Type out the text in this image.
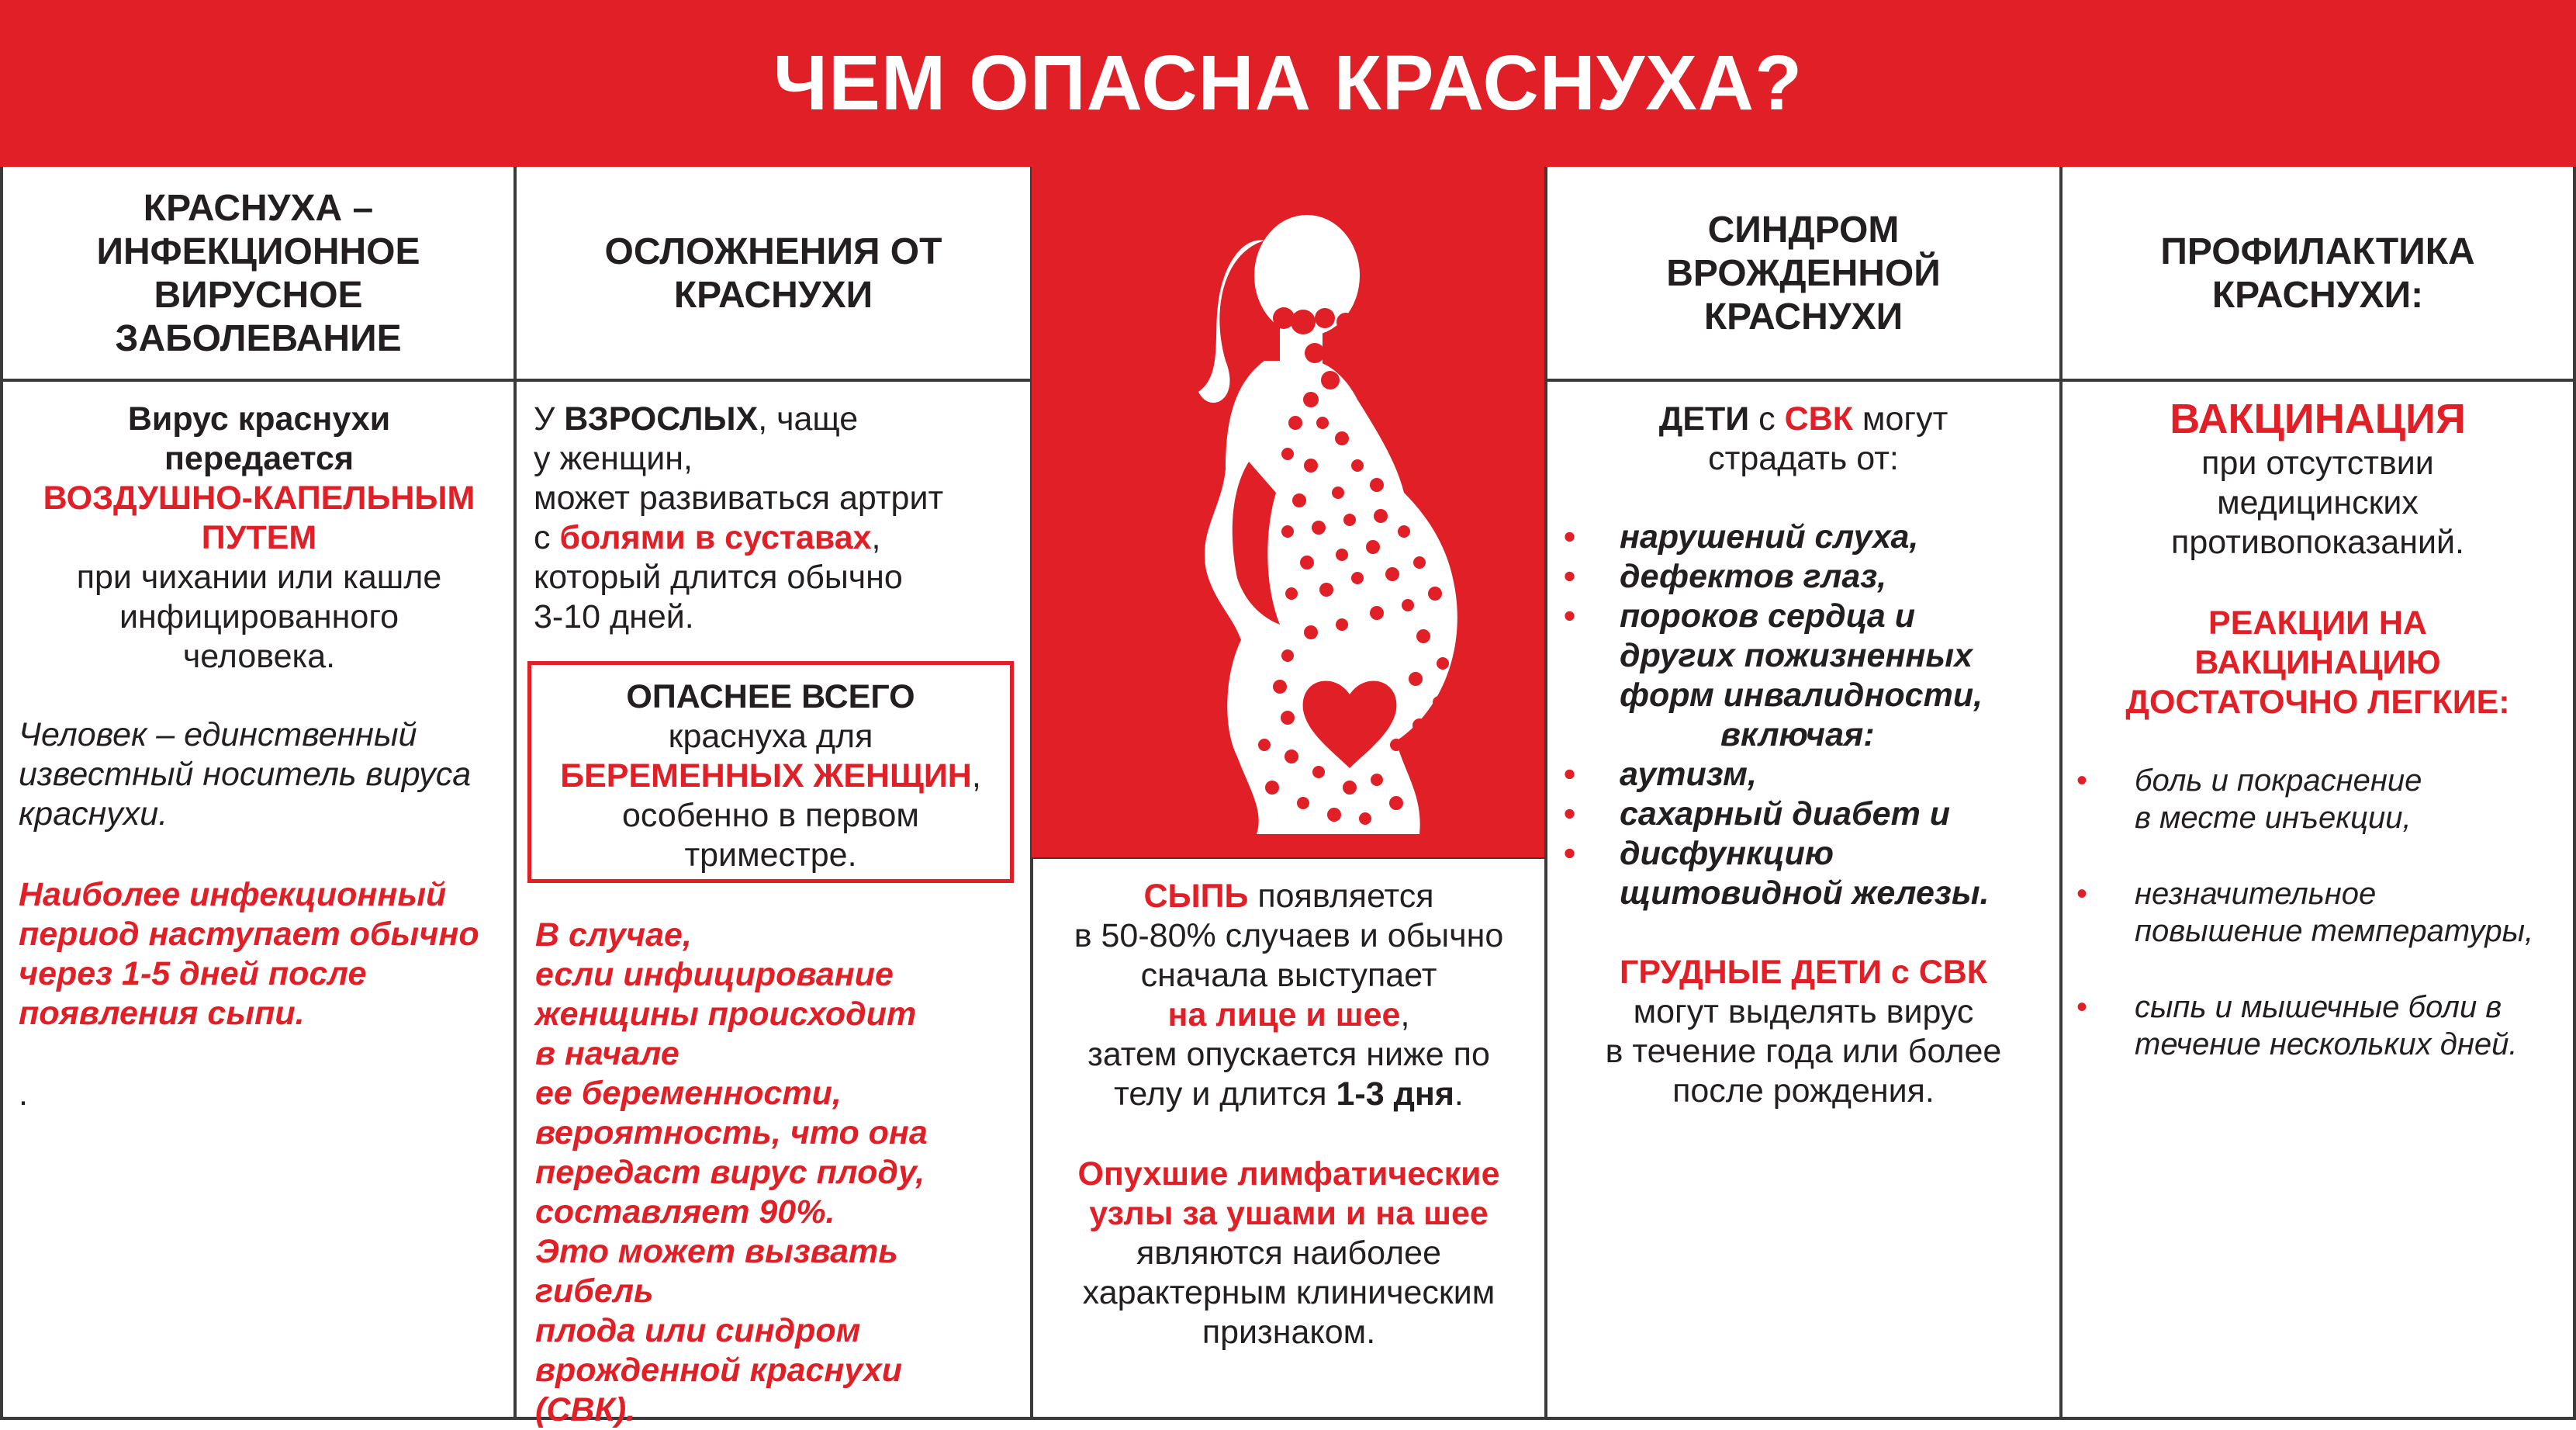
ЧЕМ ОПАСНА КРАСНУХА?
КРАСНУХА –
ИНФЕКЦИОННОЕ
ВИРУСНОЕ
ЗАБОЛЕВАНИЕ
ОСЛОЖНЕНИЯ ОТ
КРАСНУХИ
СИНДРОМ
ВРОЖДЕННОЙ
КРАСНУХИ
ПРОФИЛАКТИКА
КРАСНУХИ:
Вирус краснухи
передается
ВОЗДУШНО-КАПЕЛЬНЫМ
ПУТЕМ
при чихании или кашле
инфицированного
человека.
Человек – единственный
известный носитель вируса
краснухи.
Наиболее инфекционный
период наступает обычно
через 1-5 дней после
появления сыпи.
.
У ВЗРОСЛЫХ, чаще
у женщин,
может развиваться артрит
с болями в суставах,
который длится обычно
3-10 дней.
ОПАСНЕЕ ВСЕГО
краснуха для
БЕРЕМЕННЫХ ЖЕНЩИН,
особенно в первом
триместре.
В случае,
если инфицирование
женщины происходит
в начале
ее беременности,
вероятность, что она
передаст вирус плоду,
составляет 90%.
Это может вызвать гибель
плода или синдром
врожденной краснухи
(СВК).
СЫПЬ появляется
в 50-80% случаев и обычно
сначала выступает
на лице и шее,
затем опускается ниже по
телу и длится 1-3 дня.
Опухшие лимфатические
узлы за ушами и на шее
являются наиболее
характерным клиническим
признаком.
ДЕТИ с СВК могут
страдать от:
• нарушений слуха,
• дефектов глаз,
• пороков сердца и
других пожизненных
форм инвалидности,
включая:
• аутизм,
• сахарный диабет и
• дисфункцию
щитовидной железы.
ГРУДНЫЕ ДЕТИ с СВК
могут выделять вирус
в течение года или более
после рождения.
ВАКЦИНАЦИЯ
при отсутствии
медицинских
противопоказаний.
РЕАКЦИИ НА
ВАКЦИНАЦИЮ
ДОСТАТОЧНО ЛЕГКИЕ:
• боль и покраснение
в месте инъекции,
• незначительное
повышение температуры,
• сыпь и мышечные боли в
течение нескольких дней.
